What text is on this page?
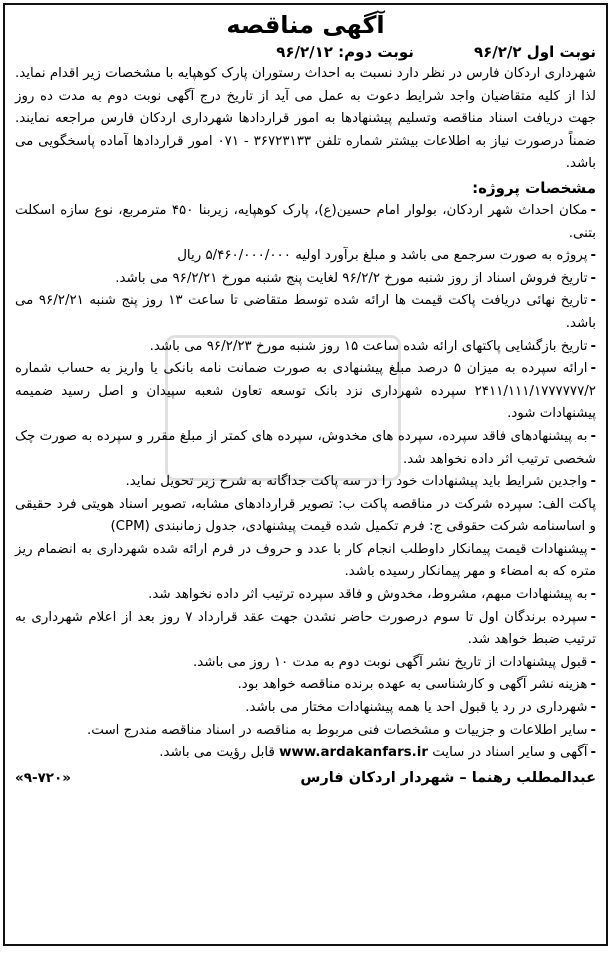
آگهی مناقصه
نوبت اول ۹۶/۲/۲
نوبت دوم: ۹۶/۲/۱۲

شهرداری اردکان فارس در نظر دارد نسبت به احداث رستوران پارک کوهپایه با مشخصات زیر اقدام نماید. لذا از کلیه متقاضیان واجد شرایط دعوت به عمل می آید از تاریخ درج آگهی نوبت دوم به مدت ده روز جهت دریافت اسناد مناقصه وتسلیم پیشنهادها به امور قراردادها شهرداری اردکان فارس مراجعه نمایند. ضمناً درصورت نیاز به اطلاعات بیشتر شماره تلفن ۳۶۷۲۳۱۳۳ - ۰۷۱ امور قراردادها آماده پاسخگویی می باشد.

مشخصات پروژه:

-مکان احداث شهر اردکان، بولوار امام حسین(ع)، پارک کوهپایه، زیربنا ۴۵۰ مترمربع، نوع سازه اسکلت بتنی.
-پروژه به صورت سرجمع می باشد و مبلغ برآورد اولیه ۵/۴۶۰/۰۰۰/۰۰۰ ریال
-تاریخ فروش اسناد از روز شنبه مورخ ۹۶/۲/۲ لغایت پنج شنبه مورخ ۹۶/۲/۲۱ می باشد.
-تاریخ نهائی دریافت پاکت قیمت ها ارائه شده توسط متقاضی تا ساعت ۱۳ روز پنج شنبه ۹۶/۲/۲۱ می باشد.
-تاریخ بازگشایی پاکتهای ارائه شده ساعت ۱۵ روز شنبه مورخ ۹۶/۲/۲۳ می باشد.
-ارائه سپرده به میزان ۵ درصد مبلغ پیشنهادی به صورت ضمانت نامه بانکی یا واریز به حساب شماره ۲۴۱۱/۱۱۱/۱۷۷۷۷۷۷/۲ سپرده شهرداری نزد بانک توسعه تعاون شعبه سپیدان و اصل رسید ضمیمه پیشنهادات شود.
-به پیشنهادهای فاقد سپرده، سپرده های مخدوش، سپرده های کمتر از مبلغ مقرر و سپرده به صورت چک شخصی ترتیب اثر داده نخواهد شد.
-واجدین شرایط باید پیشنهادات خود را در سه پاکت جداگانه به شرح زیر تحویل نماید.

پاکت الف: سپرده شرکت در مناقصه پاکت ب: تصویر قراردادهای مشابه، تصویر اسناد هویتی فرد حقیقی و اساسنامه شرکت حقوقی ج: فرم تکمیل شده قیمت پیشنهادی، جدول زمانبندی (CPM)

-پیشنهادات قیمت پیمانکار داوطلب انجام کار با عدد و حروف در فرم ارائه شده شهرداری به انضمام ریز متره که به امضاء و مهر پیمانکار رسیده باشد.
-به پیشنهادات مبهم، مشروط، مخدوش و فاقد سپرده ترتیب اثر داده نخواهد شد.
-سپرده برندگان اول تا سوم درصورت حاضر نشدن جهت عقد قرارداد ۷ روز بعد از اعلام شهرداری به ترتیب ضبط خواهد شد.
-قبول پیشنهادات از تاریخ نشر آگهی نوبت دوم به مدت ۱۰ روز می باشد.
-هزینه نشر آگهی و کارشناسی به عهده برنده مناقصه خواهد بود.
-شهرداری در رد یا قبول احد یا همه پیشنهادات مختار می باشد.
-سایر اطلاعات و جزییات و مشخصات فنی مربوط به مناقصه در اسناد مناقصه مندرج است.
-آگهی و سایر اسناد در سایت www.ardakanfars.ir قابل رؤیت می باشد.
عبدالمطلب رهنما – شهردار اردکان فارس
«۹-۷۲۰»
